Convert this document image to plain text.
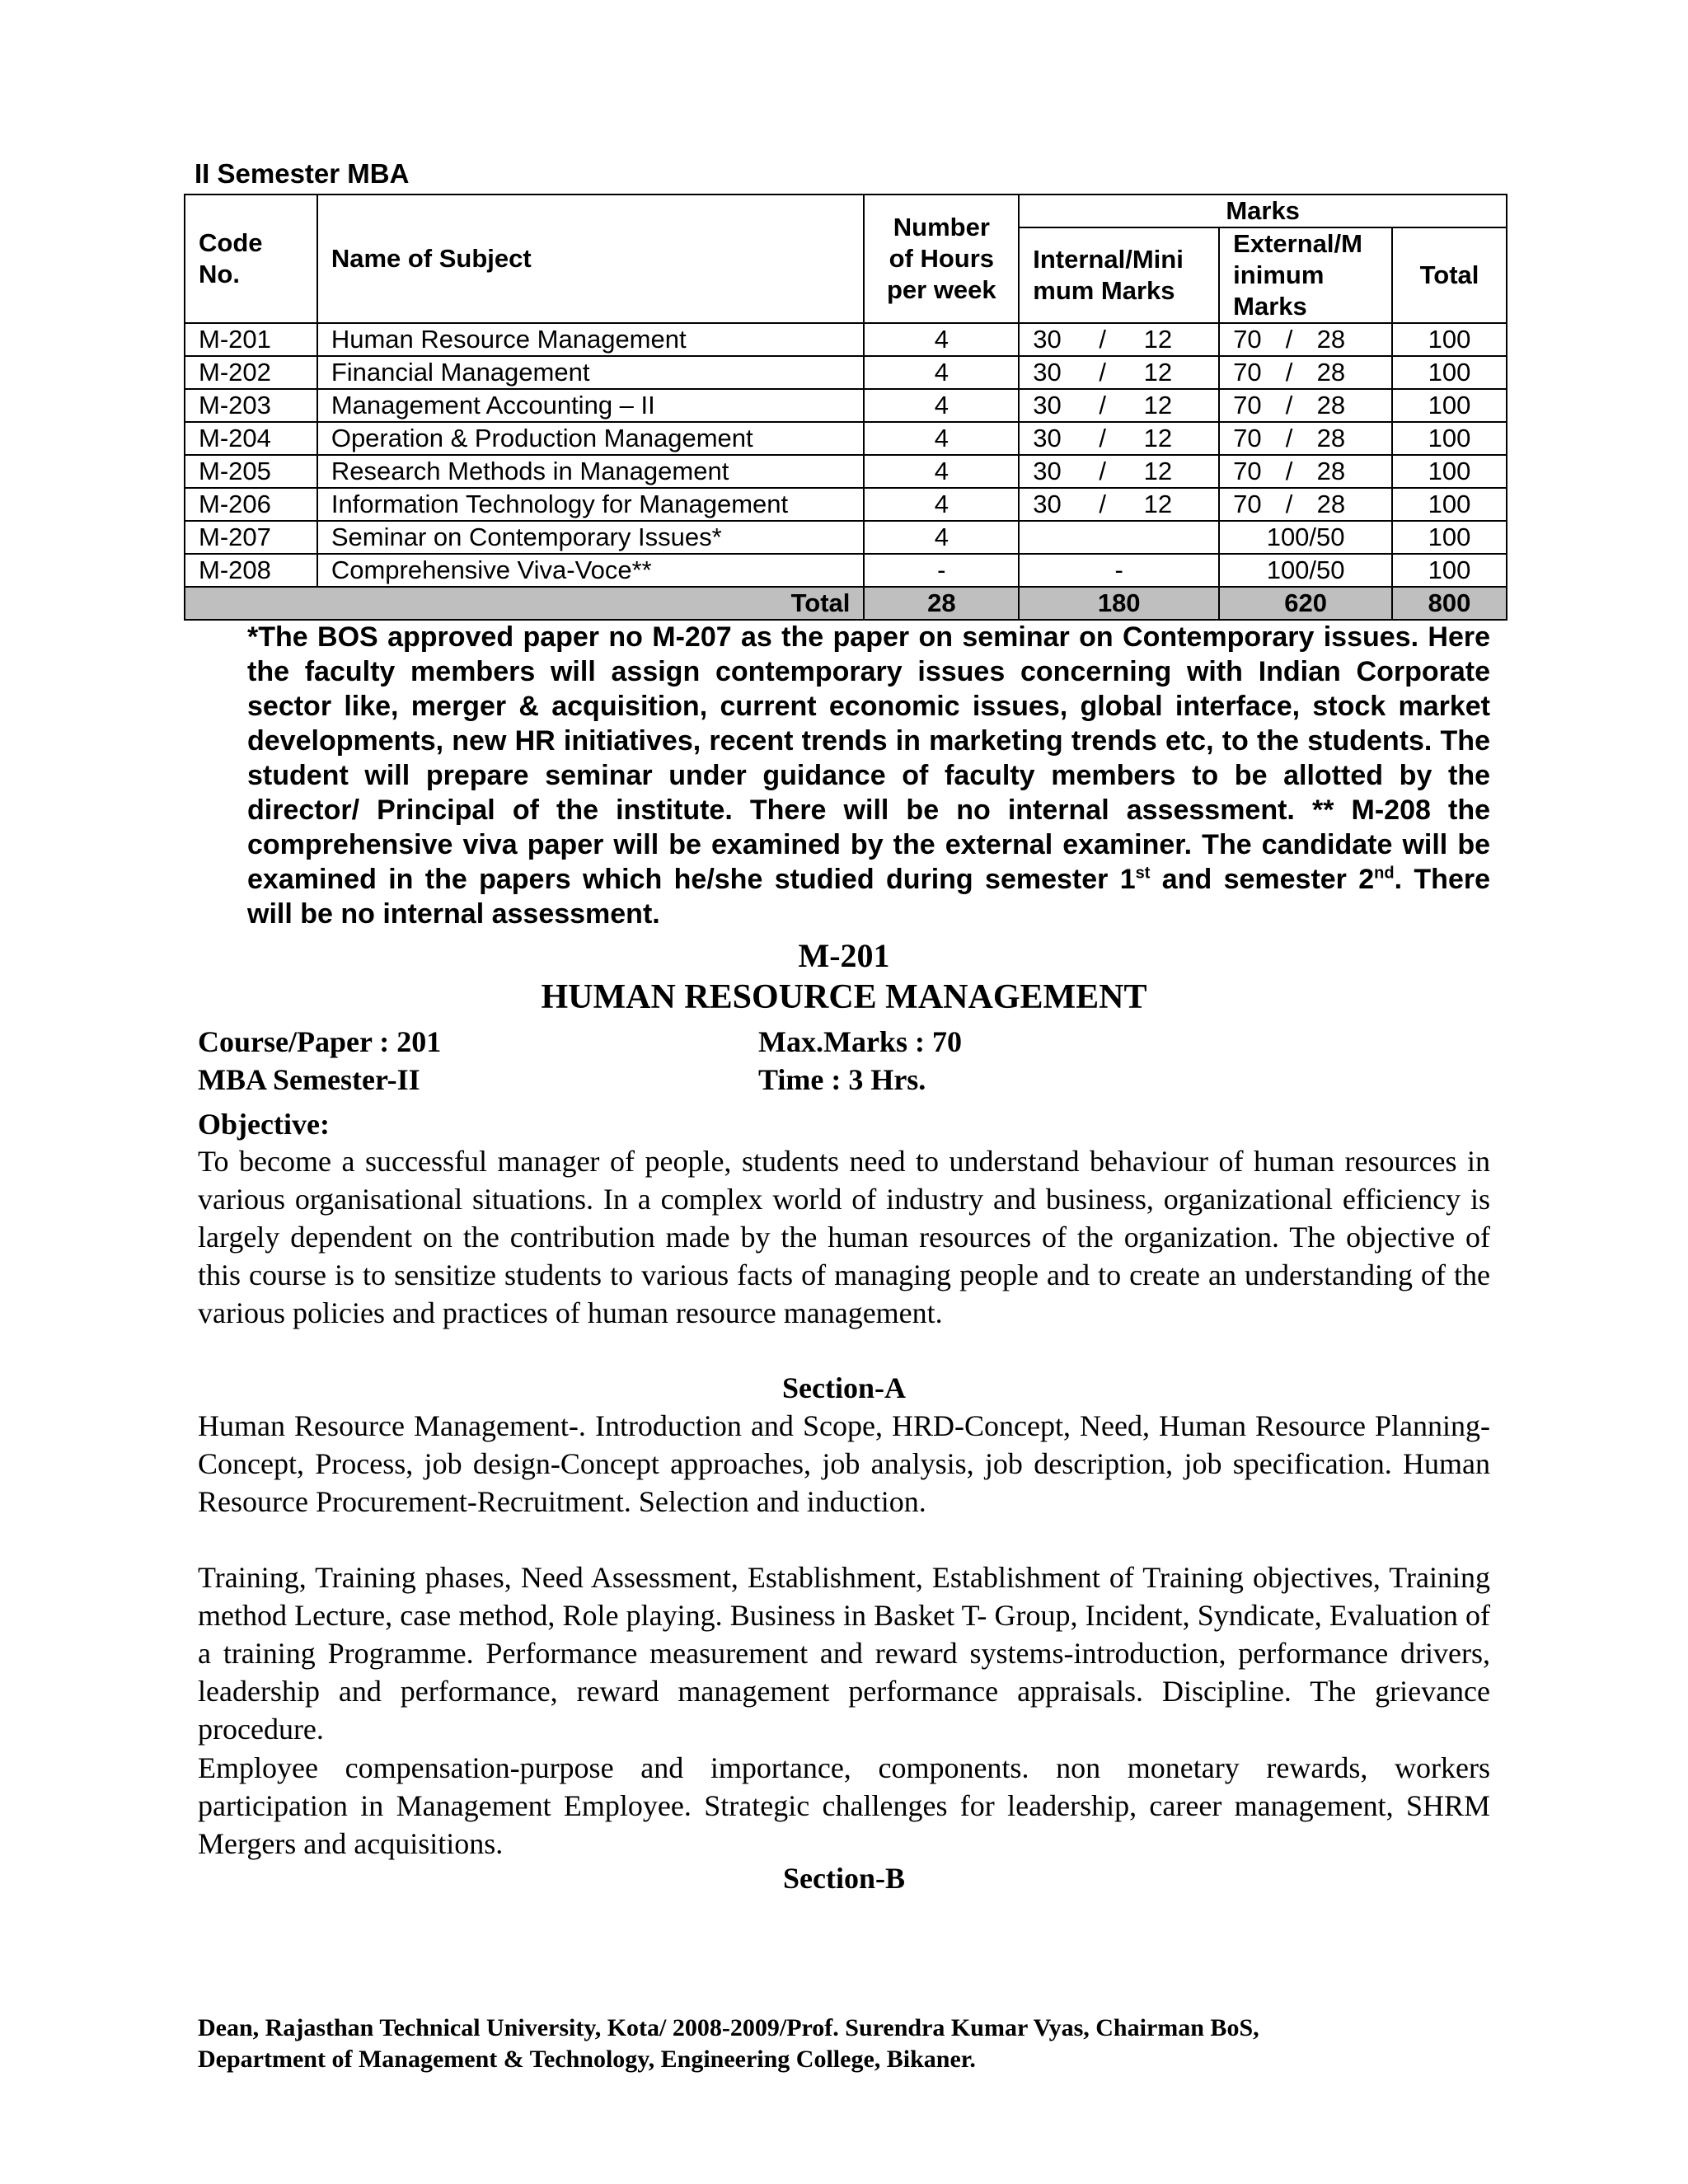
II Semester MBA
Code No.	Name of Subject	Number of Hours per week	Marks		
			Internal/Mini mum Marks	External/M inimum Marks	Total
M-201	Human Resource Management	4	30 / 12	70 / 28	100
M-202	Financial Management	4	30 / 12	70 / 28	100
M-203	Management Accounting – II	4	30 / 12	70 / 28	100
M-204	Operation & Production Management	4	30 / 12	70 / 28	100
M-205	Research Methods in Management	4	30 / 12	70 / 28	100
M-206	Information Technology for Management	4	30 / 12	70 / 28	100
M-207	Seminar on Contemporary Issues*	4		100/50	100
M-208	Comprehensive Viva-Voce**	-	-	100/50	100
Total		28	180	620	800
*The BOS approved paper no M-207 as the paper on seminar on Contemporary issues. Here the faculty members will assign contemporary issues concerning with Indian Corporate sector like, merger & acquisition, current economic issues, global interface, stock market developments, new HR initiatives, recent trends in marketing trends etc, to the students. The student will prepare seminar under guidance of faculty members to be allotted by the director/ Principal of the institute. There will be no internal assessment. ** M-208 the comprehensive viva paper will be examined by the external examiner. The candidate will be examined in the papers which he/she studied during semester 1st and semester 2nd. There will be no internal assessment.
M-201
HUMAN RESOURCE MANAGEMENT
Course/Paper : 201	Max.Marks : 70
MBA Semester-II	Time : 3 Hrs.
Objective:
To become a successful manager of people, students need to understand behaviour of human resources in various organisational situations. In a complex world of industry and business, organizational efficiency is largely dependent on the contribution made by the human resources of the organization. The objective of this course is to sensitize students to various facts of managing people and to create an understanding of the various policies and practices of human resource management.
Section-A
Human Resource Management-. Introduction and Scope, HRD-Concept, Need, Human Resource Planning-Concept, Process, job design-Concept approaches, job analysis, job description, job specification. Human Resource Procurement-Recruitment. Selection and induction.
Training, Training phases, Need Assessment, Establishment, Establishment of Training objectives, Training method Lecture, case method, Role playing. Business in Basket T- Group, Incident, Syndicate, Evaluation of a training Programme. Performance measurement and reward systems-introduction, performance drivers, leadership and performance, reward management performance appraisals. Discipline. The grievance procedure.
Employee compensation-purpose and importance, components. non monetary rewards, workers participation in Management Employee. Strategic challenges for leadership, career management, SHRM Mergers and acquisitions.
Section-B
Dean, Rajasthan Technical University, Kota/ 2008-2009/Prof. Surendra Kumar Vyas, Chairman BoS,
Department of Management & Technology, Engineering College, Bikaner.
